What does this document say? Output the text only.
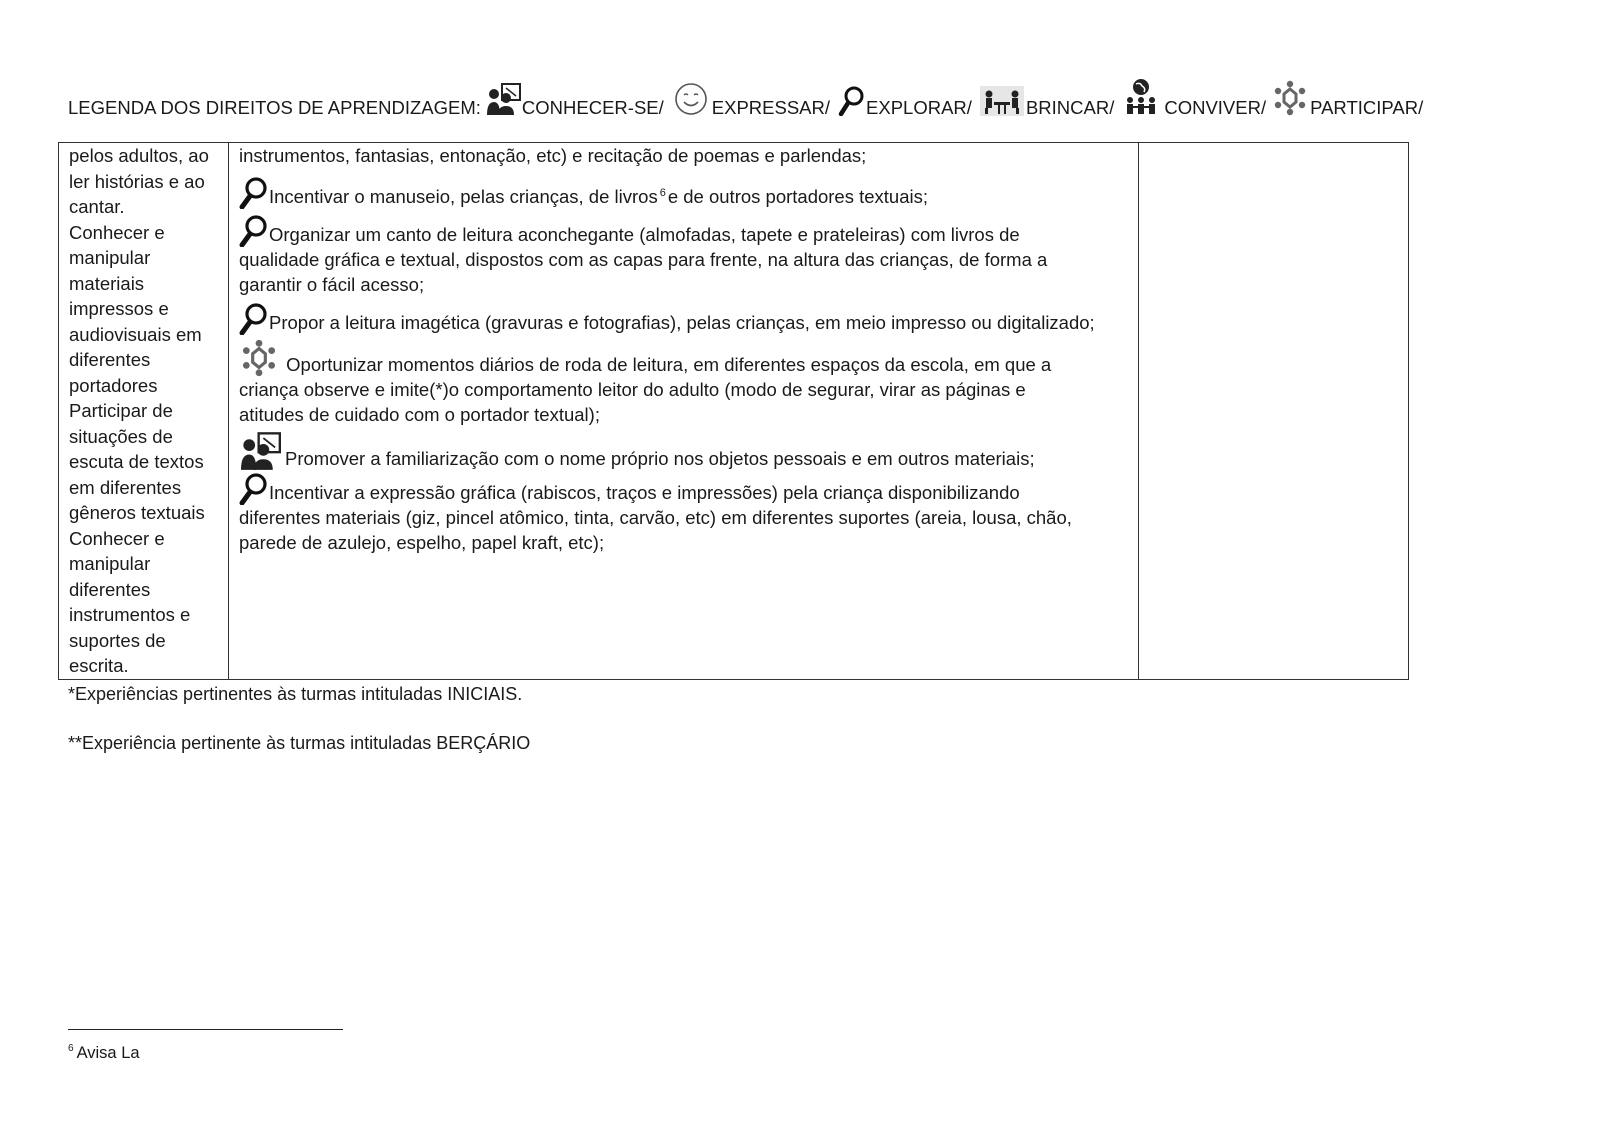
LEGENDA DOS DIREITOS DE APRENDIZAGEM: CONHECER-SE/	EXPRESSAR/ EXPLORAR/	BRINCAR/	CONVIVER/ PARTICIPAR/
pelos adultos, ao
ler histórias e ao
cantar.
Conhecer e
manipular
materiais
impressos e
audiovisuais em
diferentes
portadores
Participar de
situações de
escuta de textos
em diferentes
gêneros textuais
Conhecer e
manipular
diferentes
instrumentos e
suportes de
escrita.

instrumentos, fantasias, entonação, etc) e recitação de poemas e parlendas;
Incentivar o manuseio, pelas crianças, de livros $^6$ e de outros portadores textuais;
Organizar um canto de leitura aconchegante (almofadas, tapete e prateleiras) com livros de
qualidade gráfica e textual, dispostos com as capas para frente, na altura das crianças, de forma a
garantir o fácil acesso;
Propor a leitura imagética (gravuras e fotografias), pelas crianças, em meio impresso ou digitalizado;
Oportunizar momentos diários de roda de leitura, em diferentes espaços da escola, em que a
criança observe e imite(*)o comportamento leitor do adulto (modo de segurar, virar as páginas e
atitudes de cuidado com o portador textual);
Promover a familiarização com o nome próprio nos objetos pessoais e em outros materiais;
Incentivar a expressão gráfica (rabiscos, traços e impressões) pela criança disponibilizando
diferentes materiais (giz, pincel atômico, tinta, carvão, etc) em diferentes suportes (areia, lousa, chão,
parede de azulejo, espelho, papel kraft, etc);

*Experiências pertinentes às turmas intituladas INICIAIS.
**Experiência pertinente às turmas intituladas BERÇÁRIO
$^6$ Avisa La
